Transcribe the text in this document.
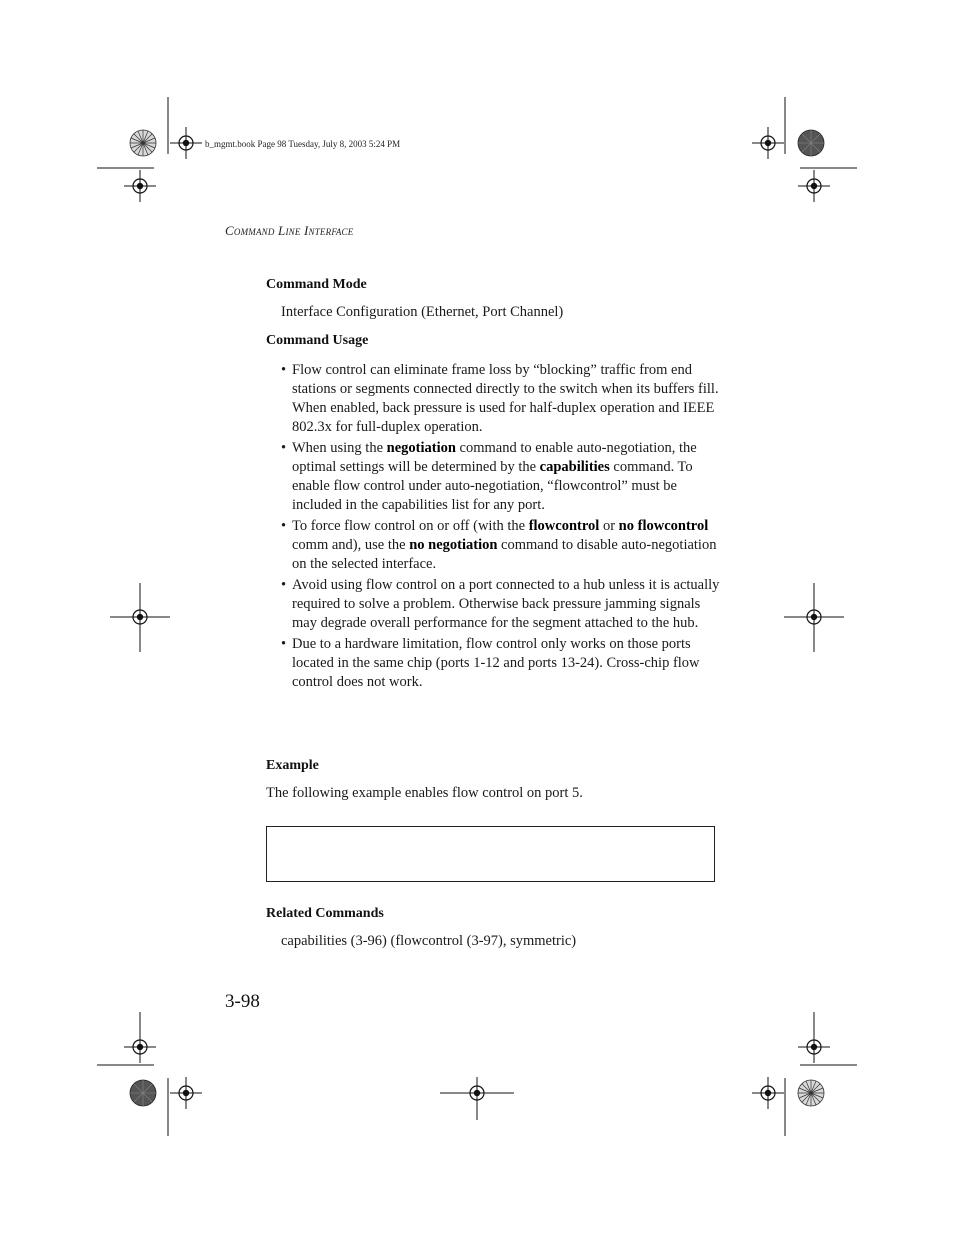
b_mgmt.book Page 98 Tuesday, July 8, 2003 5:24 PM
Command Line Interface
Command Mode
Interface Configuration (Ethernet, Port Channel)
Command Usage
• Flow control can eliminate frame loss by “blocking” traffic from end stations or segments connected directly to the switch when its buffers fill. When enabled, back pressure is used for half-duplex operation and IEEE 802.3x for full-duplex operation.
• When using the negotiation command to enable auto-negotiation, the optimal settings will be determined by the capabilities command. To enable flow control under auto-negotiation, “flowcontrol” must be included in the capabilities list for any port.
• To force flow control on or off (with the flowcontrol or no flowcontrol comm and), use the no negotiation command to disable auto-negotiation on the selected interface.
• Avoid using flow control on a port connected to a hub unless it is actually required to solve a problem. Otherwise back pressure jamming signals may degrade overall performance for the segment attached to the hub.
• Due to a hardware limitation, flow control only works on those ports located in the same chip (ports 1-12 and ports 13-24). Cross-chip flow control does not work.
Example
The following example enables flow control on port 5.
Related Commands
capabilities (3-96) (flowcontrol (3-97), symmetric)
3-98
